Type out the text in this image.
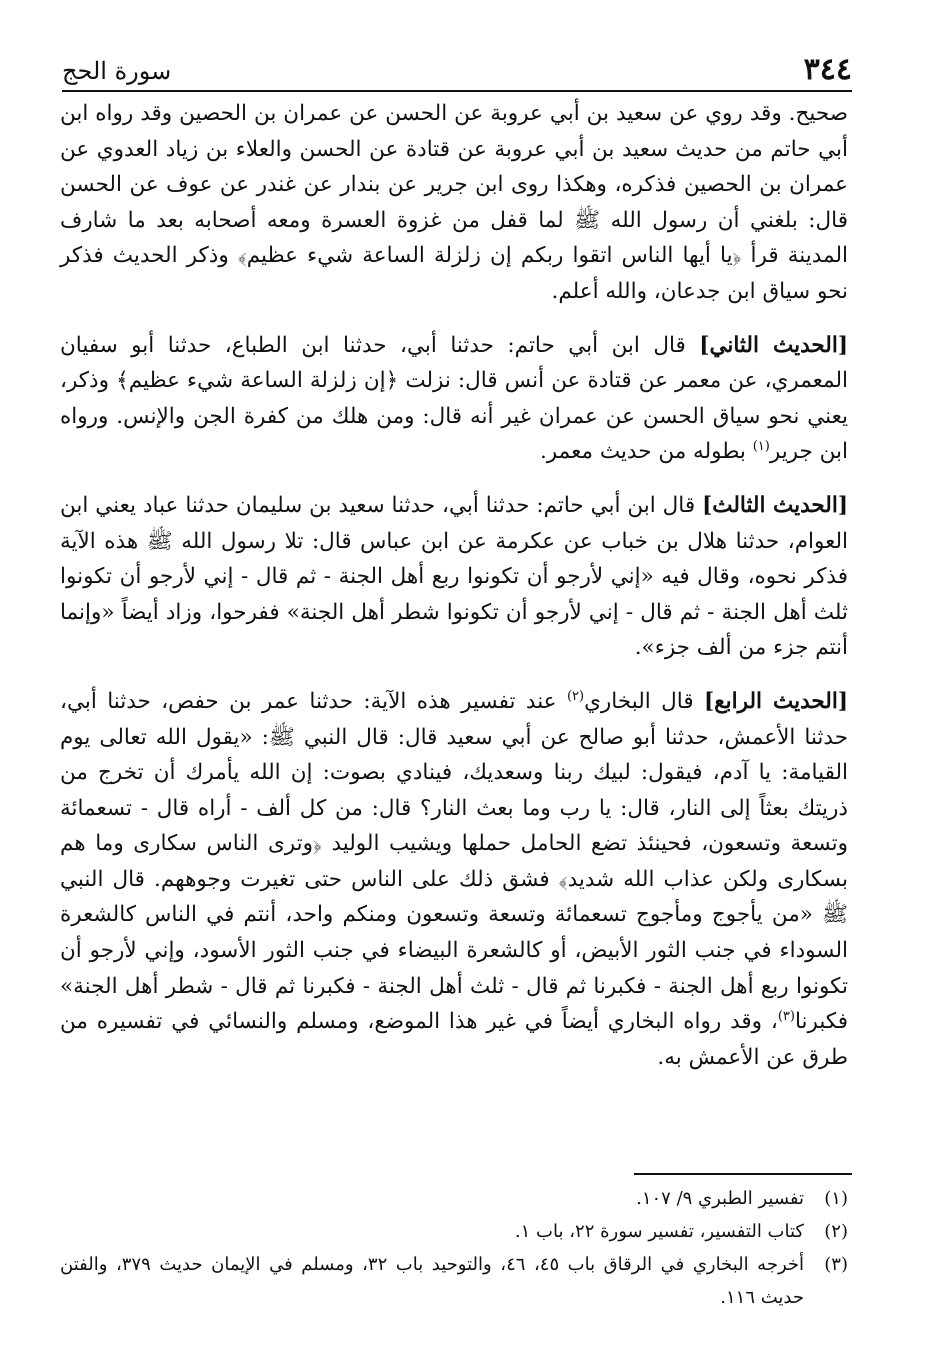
٣٤٤
سورة الحج

صحيح. وقد روي عن سعيد بن أبي عروبة عن الحسن عن عمران بن الحصين وقد رواه ابن أبي حاتم من حديث سعيد بن أبي عروبة عن قتادة عن الحسن والعلاء بن زياد العدوي عن عمران بن الحصين فذكره، وهكذا روى ابن جرير عن بندار عن غندر عن عوف عن الحسن قال: بلغني أن رسول الله ﷺ لما قفل من غزوة العسرة ومعه أصحابه بعد ما شارف المدينة قرأ ﴿يا أيها الناس اتقوا ربكم إن زلزلة الساعة شيء عظيم﴾ وذكر الحديث فذكر نحو سياق ابن جدعان، والله أعلم.

[الحديث الثاني] قال ابن أبي حاتم: حدثنا أبي، حدثنا ابن الطباع، حدثنا أبو سفيان المعمري، عن معمر عن قتادة عن أنس قال: نزلت ﴿إن زلزلة الساعة شيء عظيم﴾ وذكر، يعني نحو سياق الحسن عن عمران غير أنه قال: ومن هلك من كفرة الجن والإنس. ورواه ابن جرير$^{(١)}$ بطوله من حديث معمر.

[الحديث الثالث] قال ابن أبي حاتم: حدثنا أبي، حدثنا سعيد بن سليمان حدثنا عباد يعني ابن العوام، حدثنا هلال بن خباب عن عكرمة عن ابن عباس قال: تلا رسول الله ﷺ هذه الآية فذكر نحوه، وقال فيه «إني لأرجو أن تكونوا ربع أهل الجنة - ثم قال - إني لأرجو أن تكونوا ثلث أهل الجنة - ثم قال - إني لأرجو أن تكونوا شطر أهل الجنة» ففرحوا، وزاد أيضاً «وإنما أنتم جزء من ألف جزء».

[الحديث الرابع] قال البخاري$^{(٢)}$ عند تفسير هذه الآية: حدثنا عمر بن حفص، حدثنا أبي، حدثنا الأعمش، حدثنا أبو صالح عن أبي سعيد قال: قال النبي ﷺ: «يقول الله تعالى يوم القيامة: يا آدم، فيقول: لبيك ربنا وسعديك، فينادي بصوت: إن الله يأمرك أن تخرج من ذريتك بعثاً إلى النار، قال: يا رب وما بعث النار؟ قال: من كل ألف - أراه قال - تسعمائة وتسعة وتسعون، فحينئذ تضع الحامل حملها ويشيب الوليد ﴿وترى الناس سكارى وما هم بسكارى ولكن عذاب الله شديد﴾ فشق ذلك على الناس حتى تغيرت وجوههم. قال النبي ﷺ «من يأجوج ومأجوج تسعمائة وتسعة وتسعون ومنكم واحد، أنتم في الناس كالشعرة السوداء في جنب الثور الأبيض، أو كالشعرة البيضاء في جنب الثور الأسود، وإني لأرجو أن تكونوا ربع أهل الجنة - فكبرنا ثم قال - ثلث أهل الجنة - فكبرنا ثم قال - شطر أهل الجنة» فكبرنا$^{(٣)}$، وقد رواه البخاري أيضاً في غير هذا الموضع، ومسلم والنسائي في تفسيره من طرق عن الأعمش به.

(١)
تفسير الطبري ٩/ ١٠٧.
(٢)
كتاب التفسير، تفسير سورة ٢٢، باب ١.
(٣)
أخرجه البخاري في الرقاق باب ٤٥، ٤٦، والتوحيد باب ٣٢، ومسلم في الإيمان حديث ٣٧٩، والفتن حديث ١١٦.
